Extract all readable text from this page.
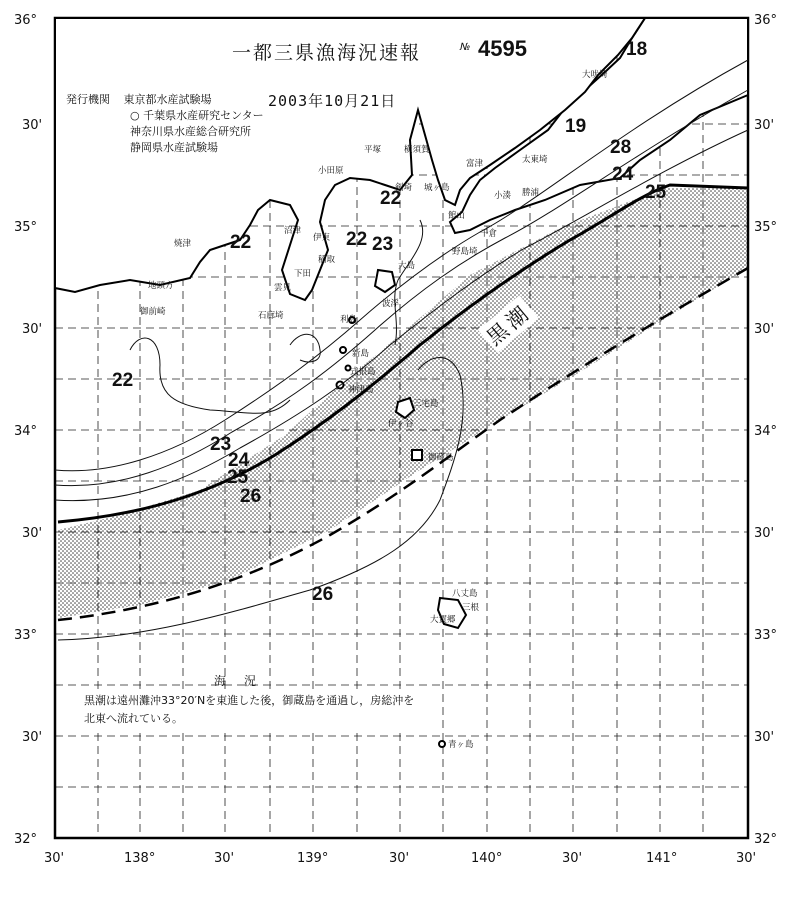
36°
30'
35°
30'
34°
30'
33°
30'
32°
36°
30'
35°
30'
34°
30'
33°
30'
32°
30'	138°	30'	139°	30'	140°	30'	141°	30'
18
19
28
24
25
22
22	22 23
22
23
24
25
26
26
大吠埼
太東埼
勝浦
小湊
館山
千倉
野島埼
富津
横須賀
平塚
小田原
剣埼 城ヶ島
大島
伊東
稲取
下田
石廊埼
沼津
焼津
御前崎
地頭方
利島
新島
式根島
神津島
三宅島
御蔵島
八丈島
三根
大賀郷
青ヶ島
波浮
伊ヶ谷
雲見
一都三県漁海況速報	№ 4595
2003年10月21日
発行機関 東京都水産試験場
○ 千葉県水産研究センター
神奈川県水産総合研究所
静岡県水産試験場
黒潮
海　況
黒潮は遠州灘沖33°20′Nを東進した後，御蔵島を通過し，房総沖を北東へ流れている。
